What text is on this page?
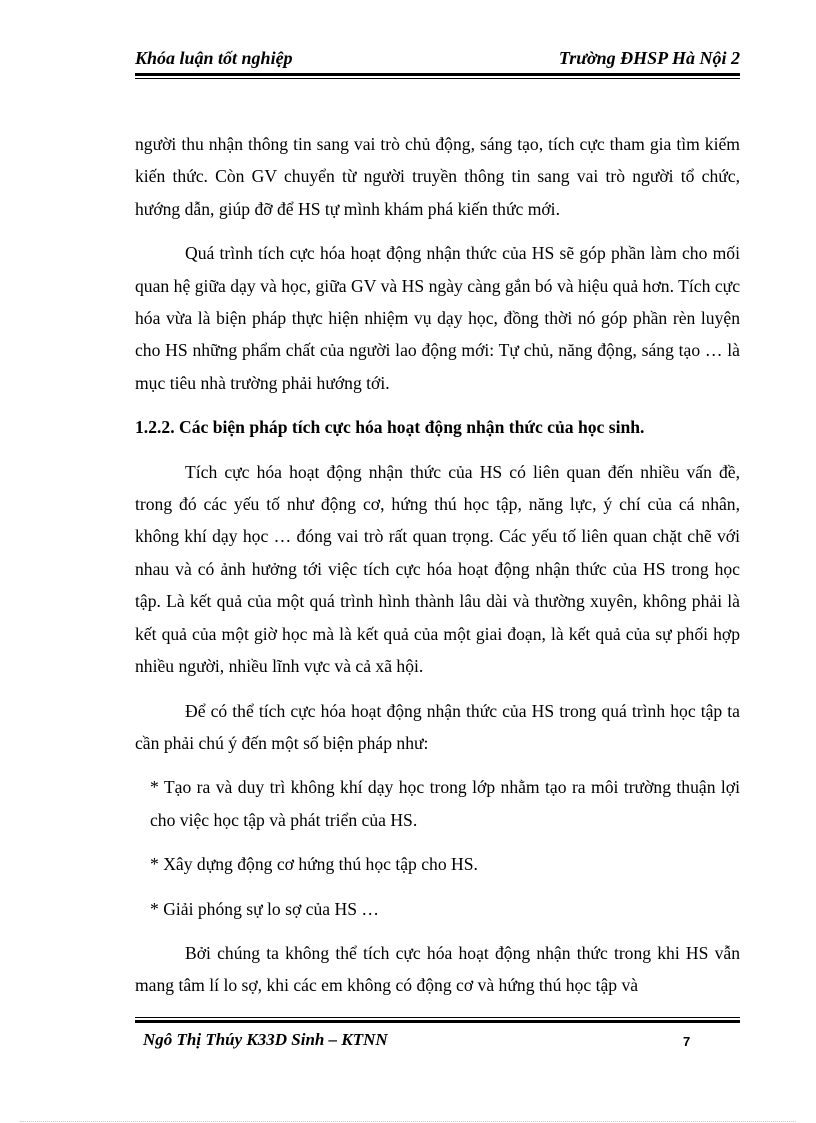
Khóa luận tốt nghiệp	Trường ĐHSP Hà Nội 2

người thu nhận thông tin sang vai trò chủ động, sáng tạo, tích cực tham gia tìm kiếm kiến thức. Còn GV chuyển từ người truyền thông tin sang vai trò người tổ chức, hướng dẫn, giúp đỡ để HS tự mình khám phá kiến thức mới.

Quá trình tích cực hóa hoạt động nhận thức của HS sẽ góp phần làm cho mối quan hệ giữa dạy và học, giữa GV và HS ngày càng gắn bó và hiệu quả hơn. Tích cực hóa vừa là biện pháp thực hiện nhiệm vụ dạy học, đồng thời nó góp phần rèn luyện cho HS những phẩm chất của người lao động mới: Tự chủ, năng động, sáng tạo … là mục tiêu nhà trường phải hướng tới.

1.2.2. Các biện pháp tích cực hóa hoạt động nhận thức của học sinh.

Tích cực hóa hoạt động nhận thức của HS có liên quan đến nhiều vấn đề, trong đó các yếu tố như động cơ, hứng thú học tập, năng lực, ý chí của cá nhân, không khí dạy học … đóng vai trò rất quan trọng. Các yếu tố liên quan chặt chẽ với nhau và có ảnh hưởng tới việc tích cực hóa hoạt động nhận thức của HS trong học tập. Là kết quả của một quá trình hình thành lâu dài và thường xuyên, không phải là kết quả của một giờ học mà là kết quả của một giai đoạn, là kết quả của sự phối hợp nhiều người, nhiều lĩnh vực và cả xã hội.

Để có thể tích cực hóa hoạt động nhận thức của HS trong quá trình học tập ta cần phải chú ý đến một số biện pháp như:

* Tạo ra và duy trì không khí dạy học trong lớp nhằm tạo ra môi trường thuận lợi cho việc học tập và phát triển của HS.

* Xây dựng động cơ hứng thú học tập cho HS.

* Giải phóng sự lo sợ của HS …

Bởi chúng ta không thể tích cực hóa hoạt động nhận thức trong khi HS vẫn mang tâm lí lo sợ, khi các em không có động cơ và hứng thú học tập và

Ngô Thị Thúy K33D Sinh – KTNN	7
